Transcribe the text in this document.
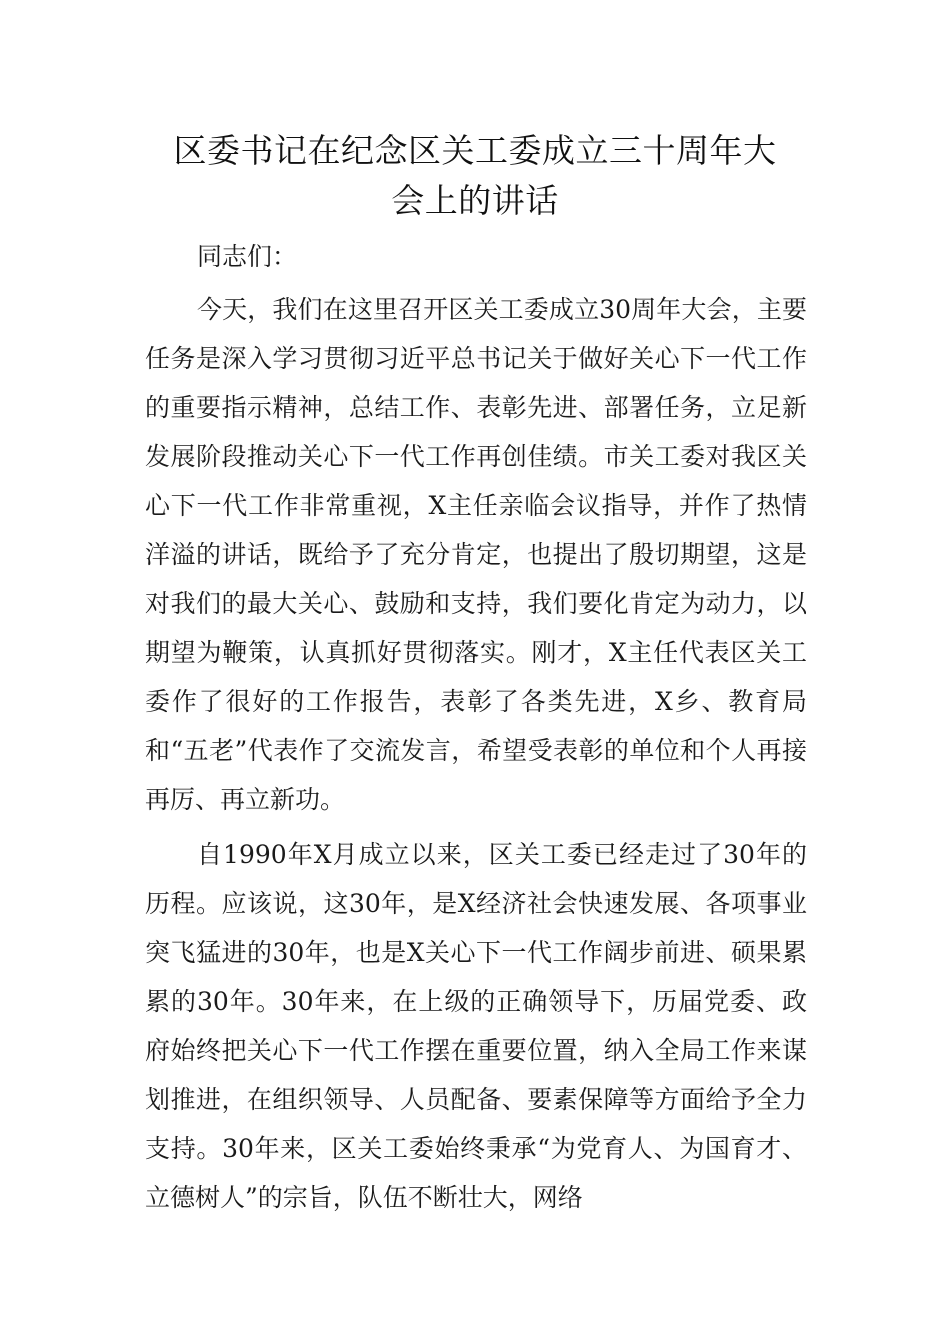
区委书记在纪念区关工委成立三十周年大
会上的讲话

同志们：

今天，我们在这里召开区关工委成立30周年大会，主要任务是深入学习贯彻习近平总书记关于做好关心下一代工作的重要指示精神，总结工作、表彰先进、部署任务，立足新发展阶段推动关心下一代工作再创佳绩。市关工委对我区关心下一代工作非常重视，X主任亲临会议指导，并作了热情洋溢的讲话，既给予了充分肯定，也提出了殷切期望，这是对我们的最大关心、鼓励和支持，我们要化肯定为动力，以期望为鞭策，认真抓好贯彻落实。刚才，X主任代表区关工委作了很好的工作报告，表彰了各类先进，X乡、教育局和“五老”代表作了交流发言，希望受表彰的单位和个人再接再厉、再立新功。

自1990年X月成立以来，区关工委已经走过了30年的历程。应该说，这30年，是X经济社会快速发展、各项事业突飞猛进的30年，也是X关心下一代工作阔步前进、硕果累累的30年。30年来，在上级的正确领导下，历届党委、政府始终把关心下一代工作摆在重要位置，纳入全局工作来谋划推进，在组织领导、人员配备、要素保障等方面给予全力支持。30年来，区关工委始终秉承“为党育人、为国育才、立德树人”的宗旨，队伍不断壮大，网络
